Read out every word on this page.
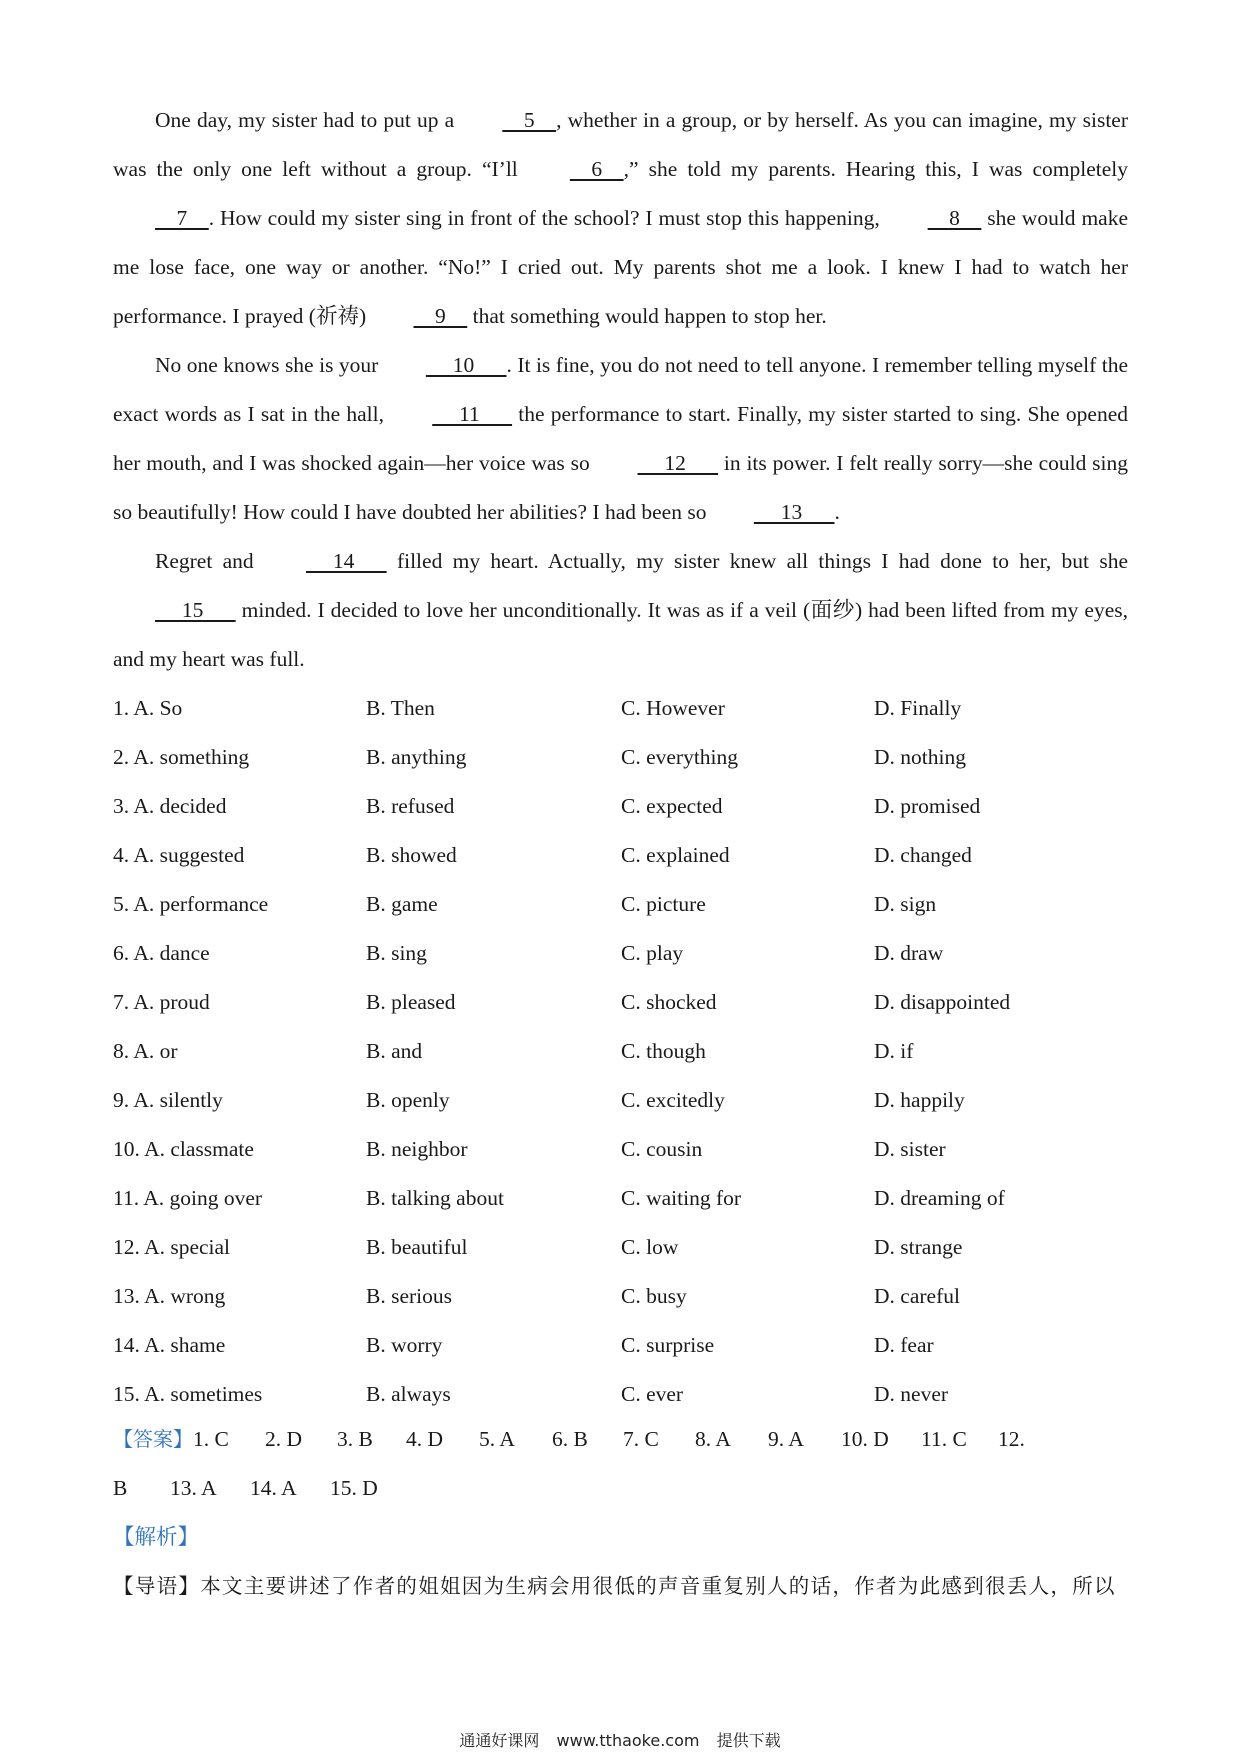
One day, my sister had to put up a     5    , whether in a group, or by herself. As you can imagine, my sister was the only one left without a group. “I’ll     6    ,” she told my parents. Hearing this, I was completely     7    . How could my sister sing in front of the school? I must stop this happening,     8     she would make me lose face, one way or another. “No!” I cried out. My parents shot me a look. I knew I had to watch her performance. I prayed (祈祷)     9     that something would happen to stop her.

No one knows she is your      10      . It is fine, you do not need to tell anyone. I remember telling myself the exact words as I sat in the hall,      11       the performance to start. Finally, my sister started to sing. She opened her mouth, and I was shocked again—her voice was so      12       in its power. I felt really sorry—she could sing so beautifully! How could I have doubted her abilities? I had been so      13      .

Regret and      14       filled my heart. Actually, my sister knew all things I had done to her, but she      15       minded. I decided to love her unconditionally. It was as if a veil (面纱) had been lifted from my eyes, and my heart was full.

1. A. So	B. Then	C. However	D. Finally
2. A. something	B. anything	C. everything	D. nothing
3. A. decided	B. refused	C. expected	D. promised
4. A. suggested	B. showed	C. explained	D. changed
5. A. performance	B. game	C. picture	D. sign
6. A. dance	B. sing	C. play	D. draw
7. A. proud	B. pleased	C. shocked	D. disappointed
8. A. or	B. and	C. though	D. if
9. A. silently	B. openly	C. excitedly	D. happily
10. A. classmate	B. neighbor	C. cousin	D. sister
11. A. going over	B. talking about	C. waiting for	D. dreaming of
12. A. special	B. beautiful	C. low	D. strange
13. A. wrong	B. serious	C. busy	D. careful
14. A. shame	B. worry	C. surprise	D. fear
15. A. sometimes	B. always	C. ever	D. never
【答案】 1. C 2. D 3. B 4. D 5. A 6. B 7. C 8. A 9. A 10. D 11. C 12.
B 13. A 14. A 15. D
【解析】
【导语】本文主要讲述了作者的姐姐因为生病会用很低的声音重复别人的话，作者为此感到很丢人，所以
通通好课网 www.tthaoke.com 提供下载
